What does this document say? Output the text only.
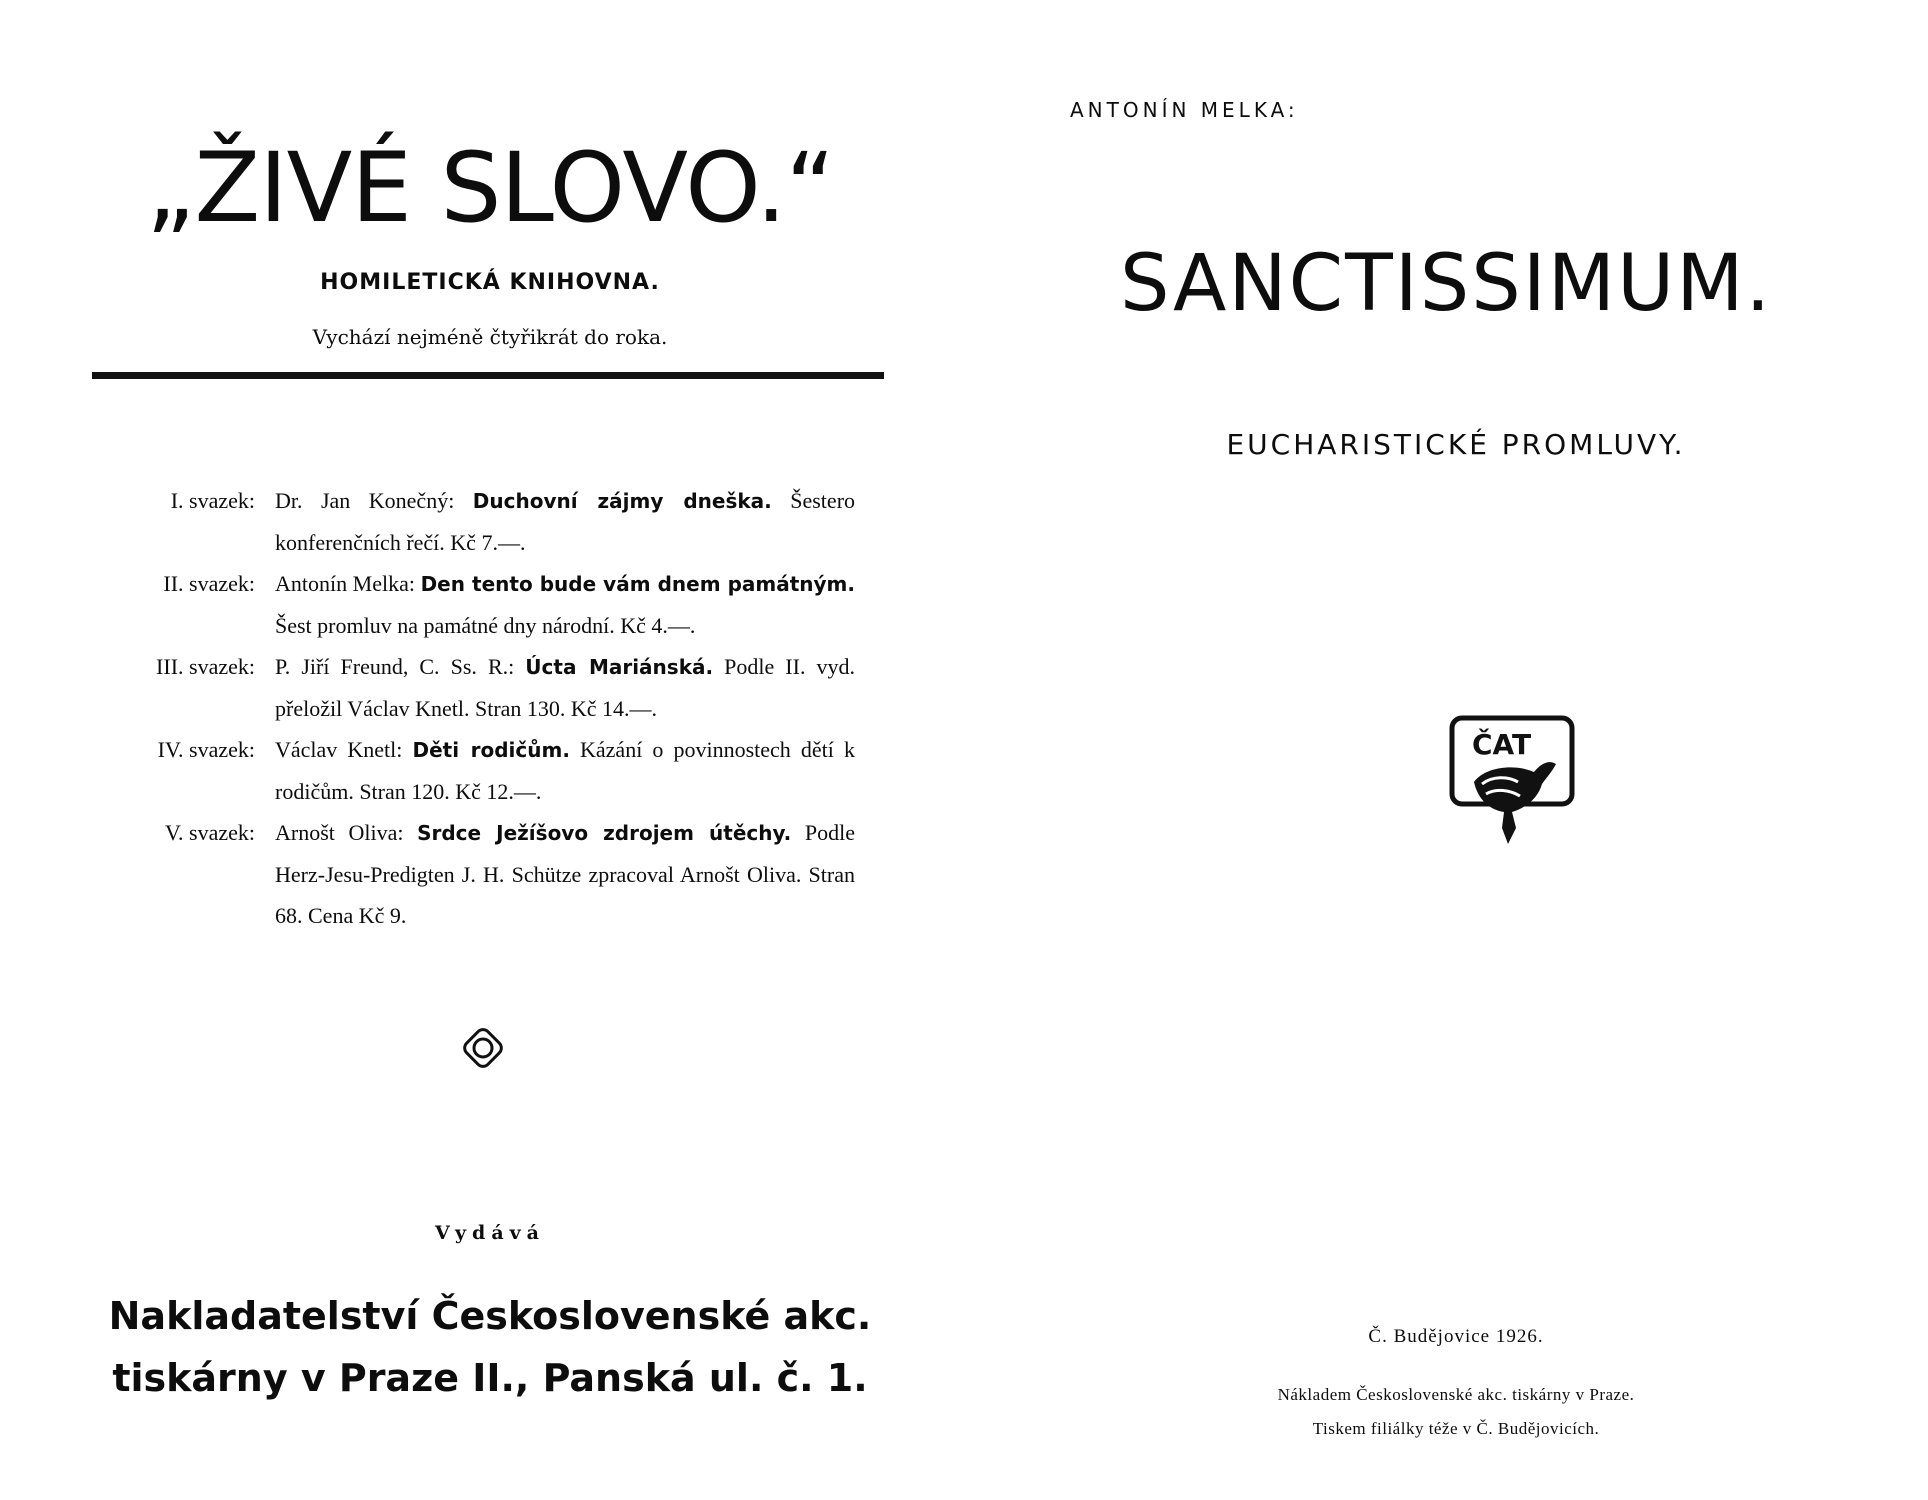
„ŽIVÉ SLOVO.“
HOMILETICKÁ KNIHOVNA.
Vychází nejméně čtyřikrát do roka.
I. svazek: Dr. Jan Konečný: Duchovní zájmy dneška. Šestero konferenčních řečí. Kč 7.—.
II. svazek: Antonín Melka: Den tento bude vám dnem památným. Šest promluv na památné dny národní. Kč 4.—.
III. svazek: P. Jiří Freund, C. Ss. R.: Úcta Mariánská. Podle II. vyd. přeložil Václav Knetl. Stran 130. Kč 14.—.
IV. svazek: Václav Knetl: Děti rodičům. Kázání o povinnostech dětí k rodičům. Stran 120. Kč 12.—.
V. svazek: Arnošt Oliva: Srdce Ježíšovo zdrojem útěchy. Podle Herz-Jesu-Predigten J. H. Schütze zpracoval Arnošt Oliva. Stran 68. Cena Kč 9.
Vydává
Nakladatelství Československé akc.
tiskárny v Praze II., Panská ul. č. 1.
ANTONÍN MELKA:
SANCTISSIMUM.
EUCHARISTICKÉ PROMLUVY.
ČAT
Č. Budějovice 1926.
Nákladem Československé akc. tiskárny v Praze.
Tiskem filiálky téže v Č. Budějovicích.
